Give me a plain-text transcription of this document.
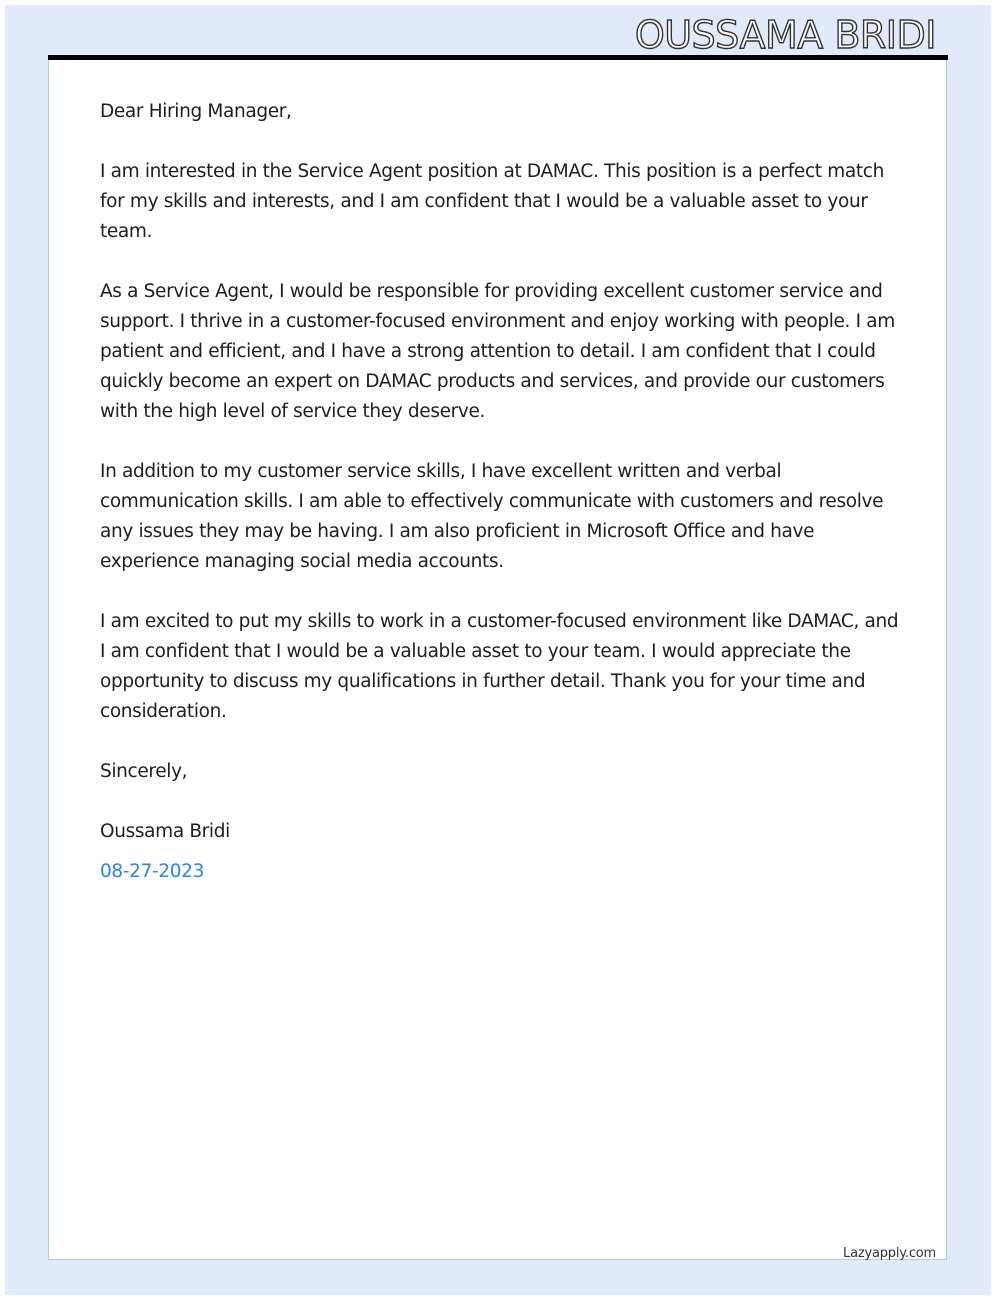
OUSSAMA BRIDI

Dear Hiring Manager,

I am interested in the Service Agent position at DAMAC. This position is a perfect match for my skills and interests, and I am confident that I would be a valuable asset to your team.

As a Service Agent, I would be responsible for providing excellent customer service and support. I thrive in a customer-focused environment and enjoy working with people. I am patient and efficient, and I have a strong attention to detail. I am confident that I could quickly become an expert on DAMAC products and services, and provide our customers with the high level of service they deserve.

In addition to my customer service skills, I have excellent written and verbal communication skills. I am able to effectively communicate with customers and resolve any issues they may be having. I am also proficient in Microsoft Office and have experience managing social media accounts.

I am excited to put my skills to work in a customer-focused environment like DAMAC, and I am confident that I would be a valuable asset to your team. I would appreciate the opportunity to discuss my qualifications in further detail. Thank you for your time and consideration.

Sincerely,

Oussama Bridi

08-27-2023

Lazyapply.com
